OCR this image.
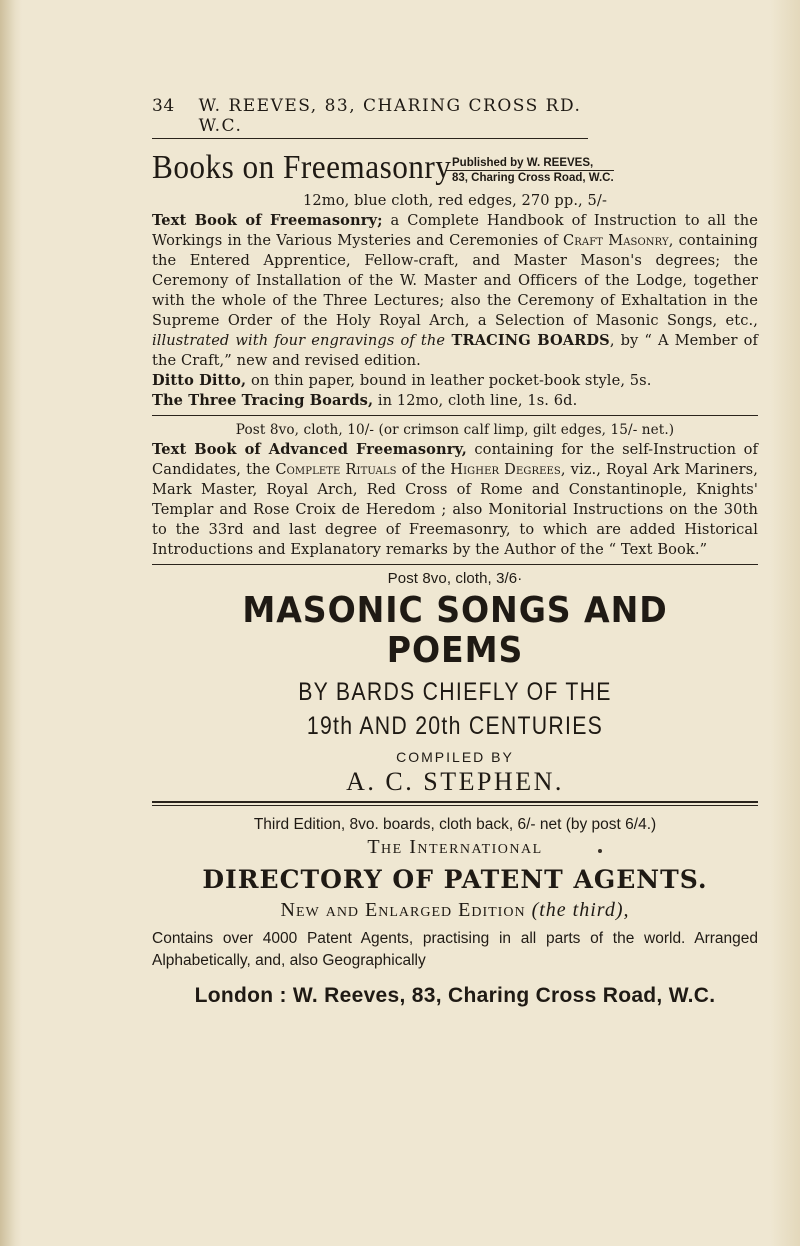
34 W. REEVES, 83, CHARING CROSS RD. W.C.
Books on Freemasonry Published by W. REEVES,
83, Charing Cross Road, W.C.

12mo, blue cloth, red edges, 270 pp., 5/-

Text Book of Freemasonry; a Complete Handbook of Instruction to all the Workings in the Various Mysteries and Ceremonies of Craft Masonry, containing the Entered Apprentice, Fellow-craft, and Master Mason's degrees; the Ceremony of Installation of the W. Master and Officers of the Lodge, together with the whole of the Three Lectures; also the Ceremony of Exhaltation in the Supreme Order of the Holy Royal Arch, a Selection of Masonic Songs, etc., illustrated with four engravings of the TRACING BOARDS, by “ A Member of the Craft,” new and revised edition.

Ditto Ditto, on thin paper, bound in leather pocket-book style, 5s.

The Three Tracing Boards, in 12mo, cloth line, 1s. 6d.

Post 8vo, cloth, 10/- (or crimson calf limp, gilt edges, 15/- net.)

Text Book of Advanced Freemasonry, containing for the self-Instruction of Candidates, the Complete Rituals of the Higher Degrees, viz., Royal Ark Mariners, Mark Master, Royal Arch, Red Cross of Rome and Constantinople, Knights' Templar and Rose Croix de Heredom ; also Monitorial Instructions on the 30th to the 33rd and last degree of Freemasonry, to which are added Historical Introductions and Explanatory remarks by the Author of the “ Text Book.”

Post 8vo, cloth, 3/6·
MASONIC SONGS AND POEMS
BY BARDS CHIEFLY OF THE
19th AND 20th CENTURIES
COMPILED BY
A. C. STEPHEN.
Third Edition, 8vo. boards, cloth back, 6/- net (by post 6/4.)
The International
DIRECTORY OF PATENT AGENTS.
New and Enlarged Edition (the third),
Contains over 4000 Patent Agents, practising in all parts of the world. Arranged Alphabetically, and, also Geographically
London : W. Reeves, 83, Charing Cross Road, W.C.
